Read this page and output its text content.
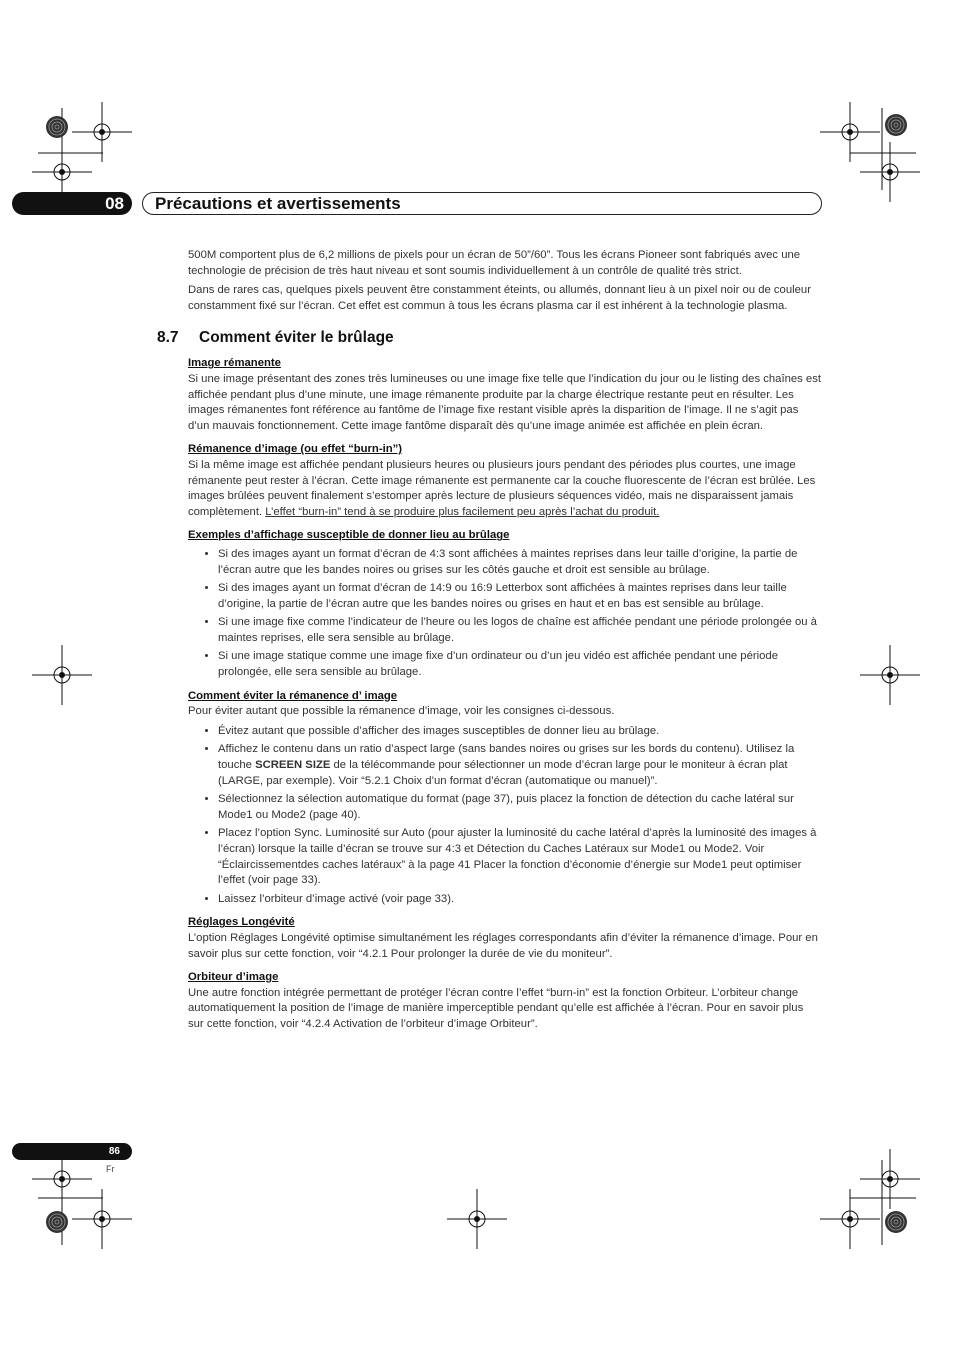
08 Précautions et avertissements

500M comportent plus de 6,2 millions de pixels pour un écran de 50”/60”. Tous les écrans Pioneer sont fabriqués avec une technologie de précision de très haut niveau et sont soumis individuellement à un contrôle de qualité très strict.

Dans de rares cas, quelques pixels peuvent être constamment éteints, ou allumés, donnant lieu à un pixel noir ou de couleur constamment fixé sur l’écran. Cet effet est commun à tous les écrans plasma car il est inhérent à la technologie plasma.

8.7 Comment éviter le brûlage
Image rémanente

Si une image présentant des zones très lumineuses ou une image fixe telle que l’indication du jour ou le listing des chaînes est affichée pendant plus d’une minute, une image rémanente produite par la charge électrique restante peut en résulter. Les images rémanentes font référence au fantôme de l’image fixe restant visible après la disparition de l’image. Il ne s’agit pas d’un mauvais fonctionnement. Cette image fantôme disparaît dès qu’une image animée est affichée en plein écran.

Rémanence d’image (ou effet “burn-in”)

Si la même image est affichée pendant plusieurs heures ou plusieurs jours pendant des périodes plus courtes, une image rémanente peut rester à l’écran. Cette image rémanente est permanente car la couche fluorescente de l’écran est brûlée. Les images brûlées peuvent finalement s’estomper après lecture de plusieurs séquences vidéo, mais ne disparaissent jamais complètement. L’effet “burn-in” tend à se produire plus facilement peu après l’achat du produit.

Exemples d’affichage susceptible de donner lieu au brûlage
• Si des images ayant un format d’écran de 4:3 sont affichées à maintes reprises dans leur taille d’origine, la partie de l’écran autre que les bandes noires ou grises sur les côtés gauche et droit est sensible au brûlage.
• Si des images ayant un format d’écran de 14:9 ou 16:9 Letterbox sont affichées à maintes reprises dans leur taille d’origine, la partie de l’écran autre que les bandes noires ou grises en haut et en bas est sensible au brûlage.
• Si une image fixe comme l’indicateur de l’heure ou les logos de chaîne est affichée pendant une période prolongée ou à maintes reprises, elle sera sensible au brûlage.
• Si une image statique comme une image fixe d’un ordinateur ou d’un jeu vidéo est affichée pendant une période prolongée, elle sera sensible au brûlage.
Comment éviter la rémanence d’ image

Pour éviter autant que possible la rémanence d’image, voir les consignes ci-dessous.

• Évitez autant que possible d’afficher des images susceptibles de donner lieu au brûlage.
• Affichez le contenu dans un ratio d’aspect large (sans bandes noires ou grises sur les bords du contenu). Utilisez la touche SCREEN SIZE de la télécommande pour sélectionner un mode d’écran large pour le moniteur à écran plat (LARGE, par exemple). Voir “5.2.1 Choix d’un format d’écran (automatique ou manuel)”.
• Sélectionnez la sélection automatique du format (page 37), puis placez la fonction de détection du cache latéral sur Mode1 ou Mode2 (page 40).
• Placez l’option Sync. Luminosité sur Auto (pour ajuster la luminosité du cache latéral d’après la luminosité des images à l’écran) lorsque la taille d’écran se trouve sur 4:3 et Détection du Caches Latéraux sur Mode1 ou Mode2. Voir “Éclaircissementdes caches latéraux” à la page 41 Placer la fonction d’économie d’énergie sur Mode1 peut optimiser l’effet (voir page 33).
• Laissez l’orbiteur d’image activé (voir page 33).
Réglages Longévité

L’option Réglages Longévité optimise simultanément les réglages correspondants afin d’éviter la rémanence d’image. Pour en savoir plus sur cette fonction, voir “4.2.1 Pour prolonger la durée de vie du moniteur”.

Orbiteur d’image

Une autre fonction intégrée permettant de protéger l’écran contre l’effet “burn-in” est la fonction Orbiteur. L’orbiteur change automatiquement la position de l’image de manière imperceptible pendant qu’elle est affichée à l’écran. Pour en savoir plus sur cette fonction, voir “4.2.4 Activation de l’orbiteur d’image Orbiteur”.

86
Fr
